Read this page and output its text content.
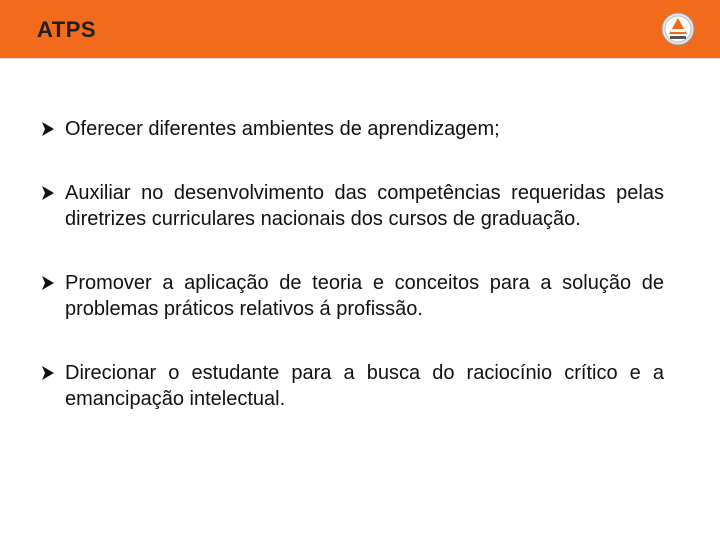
ATPS
Oferecer diferentes ambientes de aprendizagem;
Auxiliar no desenvolvimento das competências requeridas pelas diretrizes curriculares nacionais dos cursos de graduação.
Promover a aplicação de teoria e conceitos para a solução de problemas práticos relativos á profissão.
Direcionar o estudante para a busca do raciocínio crítico e a emancipação intelectual.
